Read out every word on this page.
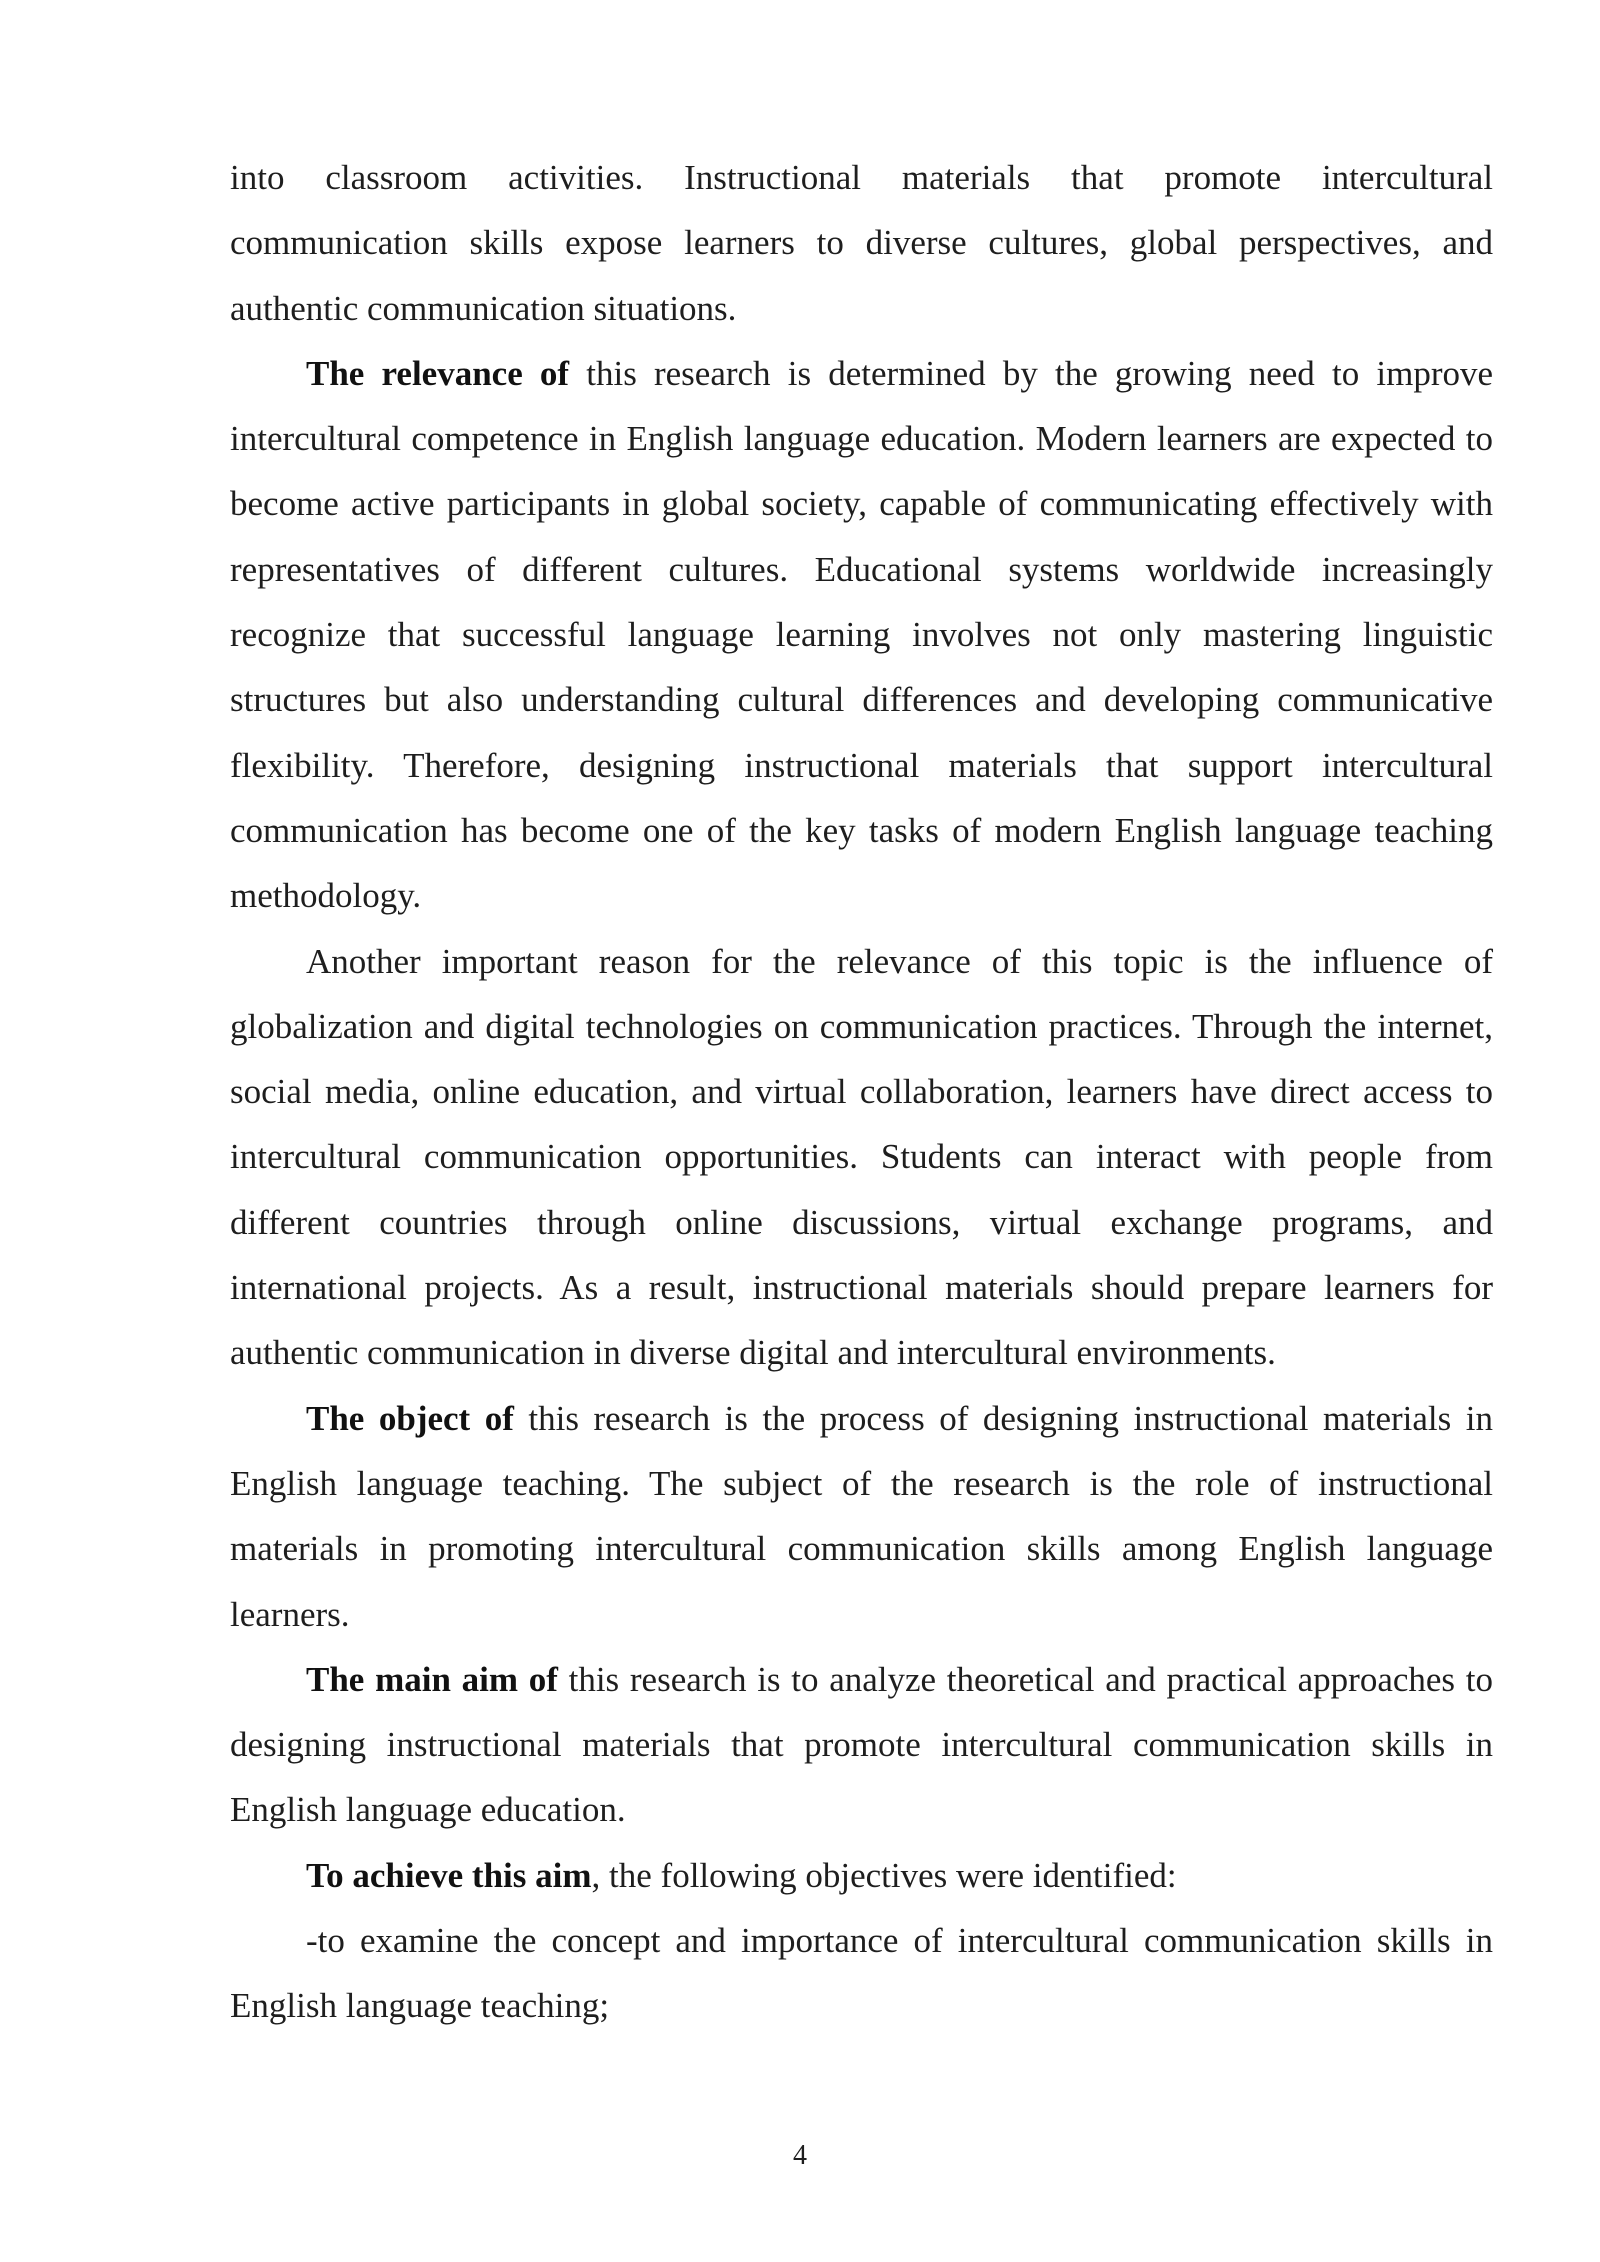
into classroom activities. Instructional materials that promote intercultural communication skills expose learners to diverse cultures, global perspectives, and authentic communication situations.

The relevance of this research is determined by the growing need to improve intercultural competence in English language education. Modern learners are expected to become active participants in global society, capable of communicating effectively with representatives of different cultures. Educational systems worldwide increasingly recognize that successful language learning involves not only mastering linguistic structures but also understanding cultural differences and developing communicative flexibility. Therefore, designing instructional materials that support intercultural communication has become one of the key tasks of modern English language teaching methodology.

Another important reason for the relevance of this topic is the influence of globalization and digital technologies on communication practices. Through the internet, social media, online education, and virtual collaboration, learners have direct access to intercultural communication opportunities. Students can interact with people from different countries through online discussions, virtual exchange programs, and international projects. As a result, instructional materials should prepare learners for authentic communication in diverse digital and intercultural environments.

The object of this research is the process of designing instructional materials in English language teaching. The subject of the research is the role of instructional materials in promoting intercultural communication skills among English language learners.

The main aim of this research is to analyze theoretical and practical approaches to designing instructional materials that promote intercultural communication skills in English language education.

To achieve this aim, the following objectives were identified:

-to examine the concept and importance of intercultural communication skills in English language teaching;

4
